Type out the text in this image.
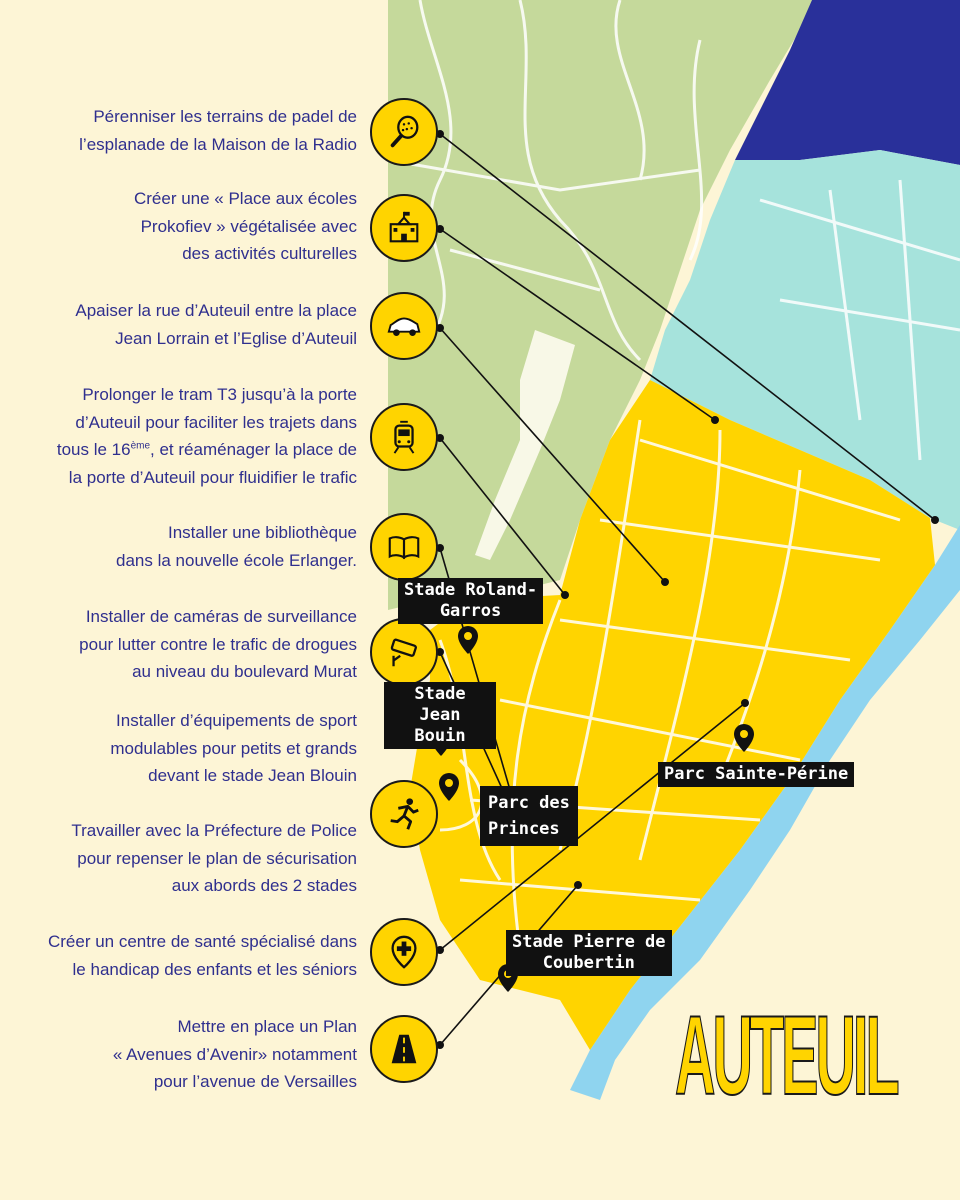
Pérenniser les terrains de padel de
l’esplanade de la Maison de la Radio
Créer une « Place aux écoles
Prokofiev » végétalisée avec
des activités culturelles
Apaiser la rue d’Auteuil entre la place
Jean Lorrain et l’Eglise d’Auteuil
Prolonger le tram T3 jusqu’à la porte
d’Auteuil pour faciliter les trajets dans
tous le 16ème, et réaménager la place de
la porte d’Auteuil pour fluidifier le trafic
Installer une bibliothèque
dans la nouvelle école Erlanger.
Installer de caméras de surveillance
pour lutter contre le trafic de drogues
au niveau du boulevard Murat
Installer d’équipements de sport
modulables pour petits et grands
devant le stade Jean Blouin
Travailler avec la Préfecture de Police
pour repenser le plan de sécurisation
aux abords des 2 stades
Créer un centre de santé spécialisé dans
le handicap des enfants et les séniors
Mettre en place un Plan
« Avenues d’Avenir» notamment
pour l’avenue de Versailles
Stade Roland-
Garros
Stade
Jean Bouin
Parc des
Princes
Parc Sainte-Périne
Stade Pierre de
Coubertin
AUTEUIL
